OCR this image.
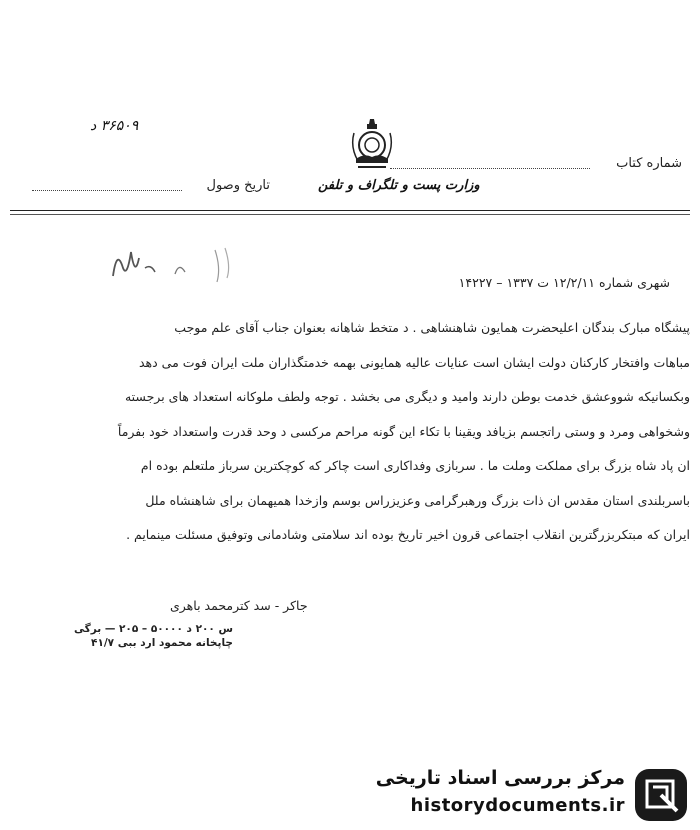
شماره کتاب
تاریخ وصول
۳۶۵۰۹ د
وزارت پست و تلگراف و تلفن
شهری شماره ۱۲/۲/۱۱ ت ۱۳۳۷ – ۱۴۲۲۷
پیشگاه مبارک بندگان اعلیحضرت همایون شاهنشاهی . د متخط شاهانه بعنوان جناب آقای علم موجب
مباهات وافتخار کارکنان دولت ایشان است عنایات عالیه همایونی بهمه خدمتگذاران ملت ایران فوت می دهد
وبکسانیکه شووعشق خدمت بوطن دارند وامید و دیگری می بخشد . توجه ولطف ملوکانه استعداد های برجسته
وشخواهی ومرد و وستی راتجسم بزیافد ویقینا با تکاء این گونه مراحم مرکسی د وحد قدرت واستعداد خود بفرماً
ان پاد شاه بزرگ برای مملکت وملت ما . سربازی وفداکاری است چاکر که کوچکترین سرباز ملتعلم بوده ام
باسربلندی استان مقدس ان ذات بزرگ ورهبرگرامی وعزیزراس بوسم وازخدا همیهمان برای شاهنشاه ملل
ایران که مبتکربزرگترین انقلاب اجتماعی قرون اخیر تاریخ بوده اند سلامتی وشادمانی وتوفیق مسئلت مینمایم .
جاکر - سد کترمحمد باهری
س ۲۰۰ د ۵۰۰۰۰ – ۲۰۵ — برگی
چاپخانه محمود ارد ببی ۴۱/۷
مرکز بررسی اسناد تاریخی
historydocuments.ir
